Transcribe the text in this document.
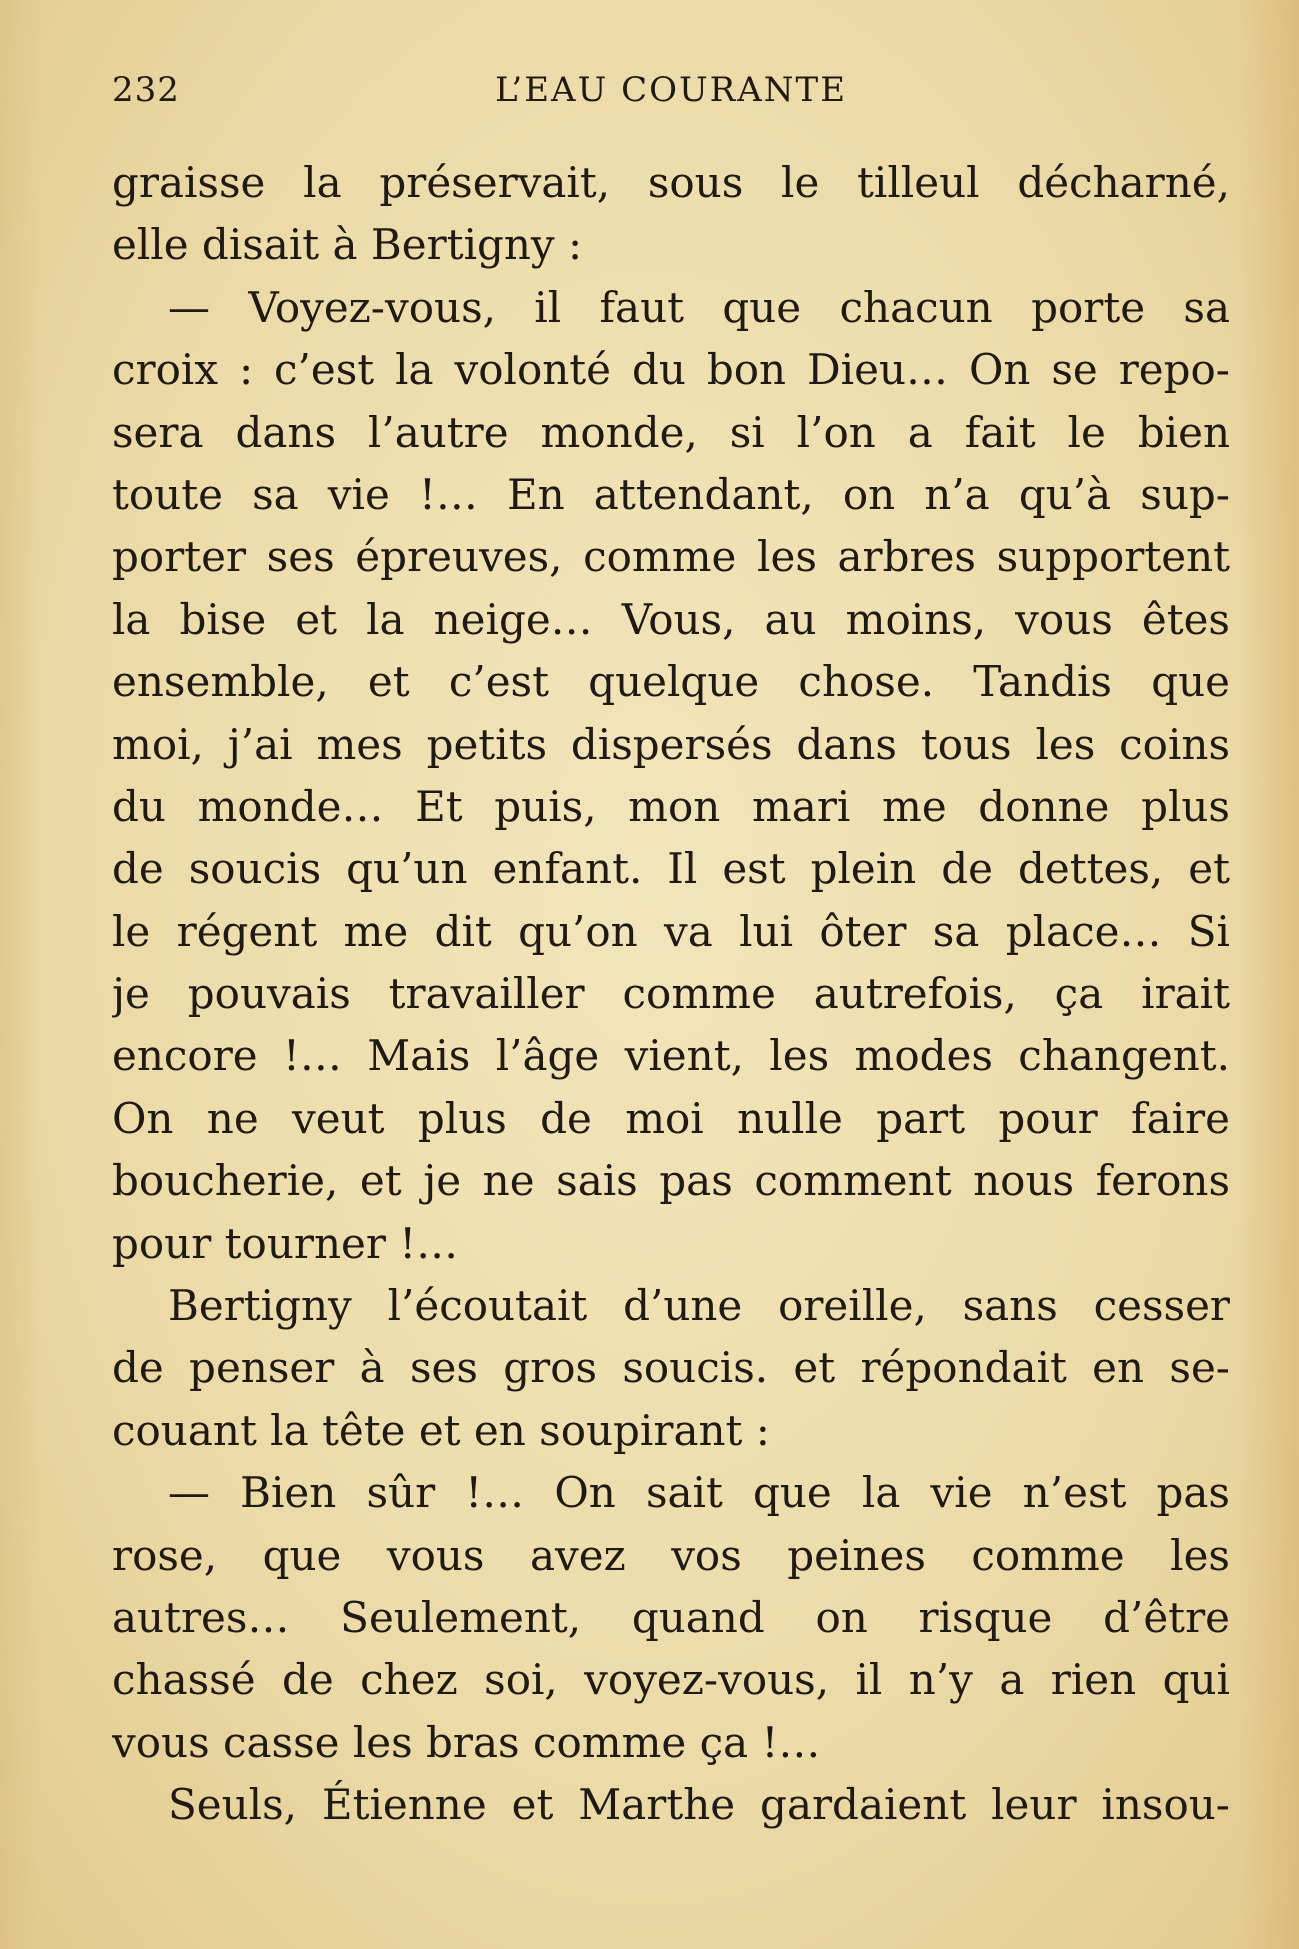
232	L’EAU COURANTE
graisse la préservait, sous le tilleul décharné,
elle disait à Bertigny :
— Voyez-vous, il faut que chacun porte sa
croix : c’est la volonté du bon Dieu… On se repo-
sera dans l’autre monde, si l’on a fait le bien
toute sa vie !… En attendant, on n’a qu’à sup-
porter ses épreuves, comme les arbres supportent
la bise et la neige… Vous, au moins, vous êtes
ensemble, et c’est quelque chose. Tandis que
moi, j’ai mes petits dispersés dans tous les coins
du monde… Et puis, mon mari me donne plus
de soucis qu’un enfant. Il est plein de dettes, et
le régent me dit qu’on va lui ôter sa place… Si
je pouvais travailler comme autrefois, ça irait
encore !… Mais l’âge vient, les modes changent.
On ne veut plus de moi nulle part pour faire
boucherie, et je ne sais pas comment nous ferons
pour tourner !…
Bertigny l’écoutait d’une oreille, sans cesser
de penser à ses gros soucis. et répondait en se-
couant la tête et en soupirant :
— Bien sûr !… On sait que la vie n’est pas
rose, que vous avez vos peines comme les
autres… Seulement, quand on risque d’être
chassé de chez soi, voyez-vous, il n’y a rien qui
vous casse les bras comme ça !…
Seuls, Étienne et Marthe gardaient leur insou-
